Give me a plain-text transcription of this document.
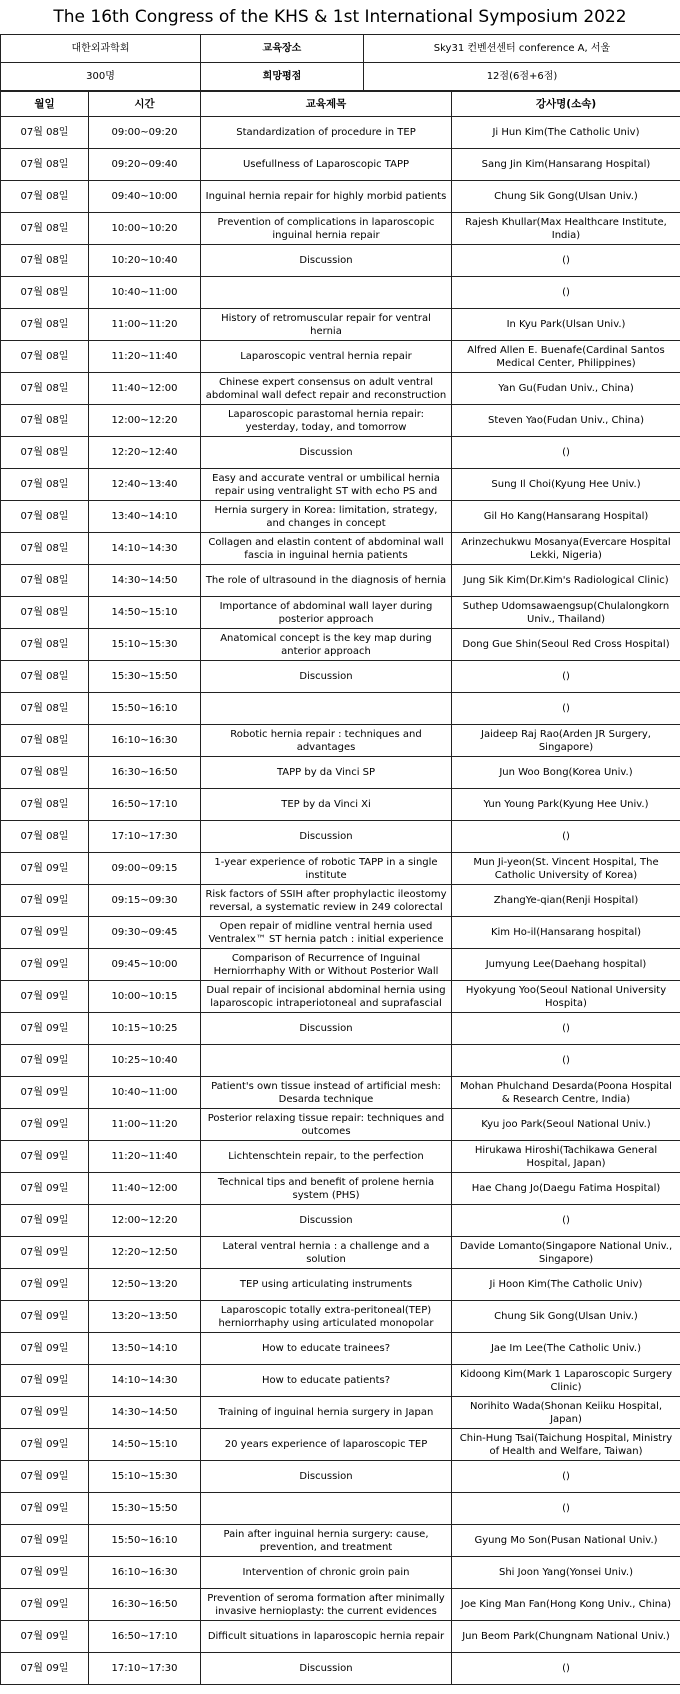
The 16th Congress of the KHS & 1st International Symposium 2022
대한외과학회	교육장소	Sky31 컨벤션센터 conference A, 서울
300명	희망평점	12점(6점+6점)
월일	시간	교육제목	강사명(소속)
07월 08일	09:00~09:20	Standardization of procedure in TEP	Ji Hun Kim(The Catholic Univ)
07월 08일	09:20~09:40	Usefullness of Laparoscopic TAPP	Sang Jin Kim(Hansarang Hospital)
07월 08일	09:40~10:00	Inguinal hernia repair for highly morbid patients	Chung Sik Gong(Ulsan Univ.)
07월 08일	10:00~10:20	Prevention of complications in laparoscopic inguinal hernia repair	Rajesh Khullar(Max Healthcare Institute, India)
07월 08일	10:20~10:40	Discussion	()
07월 08일	10:40~11:00		()
07월 08일	11:00~11:20	History of retromuscular repair for ventral hernia	In Kyu Park(Ulsan Univ.)
07월 08일	11:20~11:40	Laparoscopic ventral hernia repair	Alfred Allen E. Buenafe(Cardinal Santos Medical Center, Philippines)
07월 08일	11:40~12:00	Chinese expert consensus on adult ventral abdominal wall defect repair and reconstruction	Yan Gu(Fudan Univ., China)
07월 08일	12:00~12:20	Laparoscopic parastomal hernia repair: yesterday, today, and tomorrow	Steven Yao(Fudan Univ., China)
07월 08일	12:20~12:40	Discussion	()
07월 08일	12:40~13:40	Easy and accurate ventral or umbilical hernia repair using ventralight ST with echo PS and	Sung Il Choi(Kyung Hee Univ.)
07월 08일	13:40~14:10	Hernia surgery in Korea: limitation, strategy, and changes in concept	Gil Ho Kang(Hansarang Hospital)
07월 08일	14:10~14:30	Collagen and elastin content of abdominal wall fascia in inguinal hernia patients	Arinzechukwu Mosanya(Evercare Hospital Lekki, Nigeria)
07월 08일	14:30~14:50	The role of ultrasound in the diagnosis of hernia	Jung Sik Kim(Dr.Kim's Radiological Clinic)
07월 08일	14:50~15:10	Importance of abdominal wall layer during posterior approach	Suthep Udomsawaengsup(Chulalongkorn Univ., Thailand)
07월 08일	15:10~15:30	Anatomical concept is the key map during anterior approach	Dong Gue Shin(Seoul Red Cross Hospital)
07월 08일	15:30~15:50	Discussion	()
07월 08일	15:50~16:10		()
07월 08일	16:10~16:30	Robotic hernia repair : techniques and advantages	Jaideep Raj Rao(Arden JR Surgery, Singapore)
07월 08일	16:30~16:50	TAPP by da Vinci SP	Jun Woo Bong(Korea Univ.)
07월 08일	16:50~17:10	TEP by da Vinci Xi	Yun Young Park(Kyung Hee Univ.)
07월 08일	17:10~17:30	Discussion	()
07월 09일	09:00~09:15	1-year experience of robotic TAPP in a single institute	Mun Ji-yeon(St. Vincent Hospital, The Catholic University of Korea)
07월 09일	09:15~09:30	Risk factors of SSIH after prophylactic ileostomy reversal, a systematic review in 249 colorectal	ZhangYe-qian(Renji Hospital)
07월 09일	09:30~09:45	Open repair of midline ventral hernia used Ventralex™ ST hernia patch : initial experience	Kim Ho-il(Hansarang hospital)
07월 09일	09:45~10:00	Comparison of Recurrence of Inguinal Herniorrhaphy With or Without Posterior Wall	Jumyung Lee(Daehang hospital)
07월 09일	10:00~10:15	Dual repair of incisional abdominal hernia using laparoscopic intraperiotoneal and suprafascial	Hyokyung Yoo(Seoul National University Hospita)
07월 09일	10:15~10:25	Discussion	()
07월 09일	10:25~10:40		()
07월 09일	10:40~11:00	Patient's own tissue instead of artificial mesh: Desarda technique	Mohan Phulchand Desarda(Poona Hospital & Research Centre, India)
07월 09일	11:00~11:20	Posterior relaxing tissue repair: techniques and outcomes	Kyu joo Park(Seoul National Univ.)
07월 09일	11:20~11:40	Lichtenschtein repair, to the perfection	Hirukawa Hiroshi(Tachikawa General Hospital, Japan)
07월 09일	11:40~12:00	Technical tips and benefit of prolene hernia system (PHS)	Hae Chang Jo(Daegu Fatima Hospital)
07월 09일	12:00~12:20	Discussion	()
07월 09일	12:20~12:50	Lateral ventral hernia : a challenge and a solution	Davide Lomanto(Singapore National Univ., Singapore)
07월 09일	12:50~13:20	TEP using articulating instruments	Ji Hoon Kim(The Catholic Univ)
07월 09일	13:20~13:50	Laparoscopic totally extra-peritoneal(TEP) herniorrhaphy using articulated monopolar	Chung Sik Gong(Ulsan Univ.)
07월 09일	13:50~14:10	How to educate trainees?	Jae Im Lee(The Catholic Univ.)
07월 09일	14:10~14:30	How to educate patients?	Kidoong Kim(Mark 1 Laparoscopic Surgery Clinic)
07월 09일	14:30~14:50	Training of inguinal hernia surgery in Japan	Norihito Wada(Shonan Keiiku Hospital, Japan)
07월 09일	14:50~15:10	20 years experience of laparoscopic TEP	Chin-Hung Tsai(Taichung Hospital, Ministry of Health and Welfare, Taiwan)
07월 09일	15:10~15:30	Discussion	()
07월 09일	15:30~15:50		()
07월 09일	15:50~16:10	Pain after inguinal hernia surgery: cause, prevention, and treatment	Gyung Mo Son(Pusan National Univ.)
07월 09일	16:10~16:30	Intervention of chronic groin pain	Shi Joon Yang(Yonsei Univ.)
07월 09일	16:30~16:50	Prevention of seroma formation after minimally invasive hernioplasty: the current evidences	Joe King Man Fan(Hong Kong Univ., China)
07월 09일	16:50~17:10	Difficult situations in laparoscopic hernia repair	Jun Beom Park(Chungnam National Univ.)
07월 09일	17:10~17:30	Discussion	()
